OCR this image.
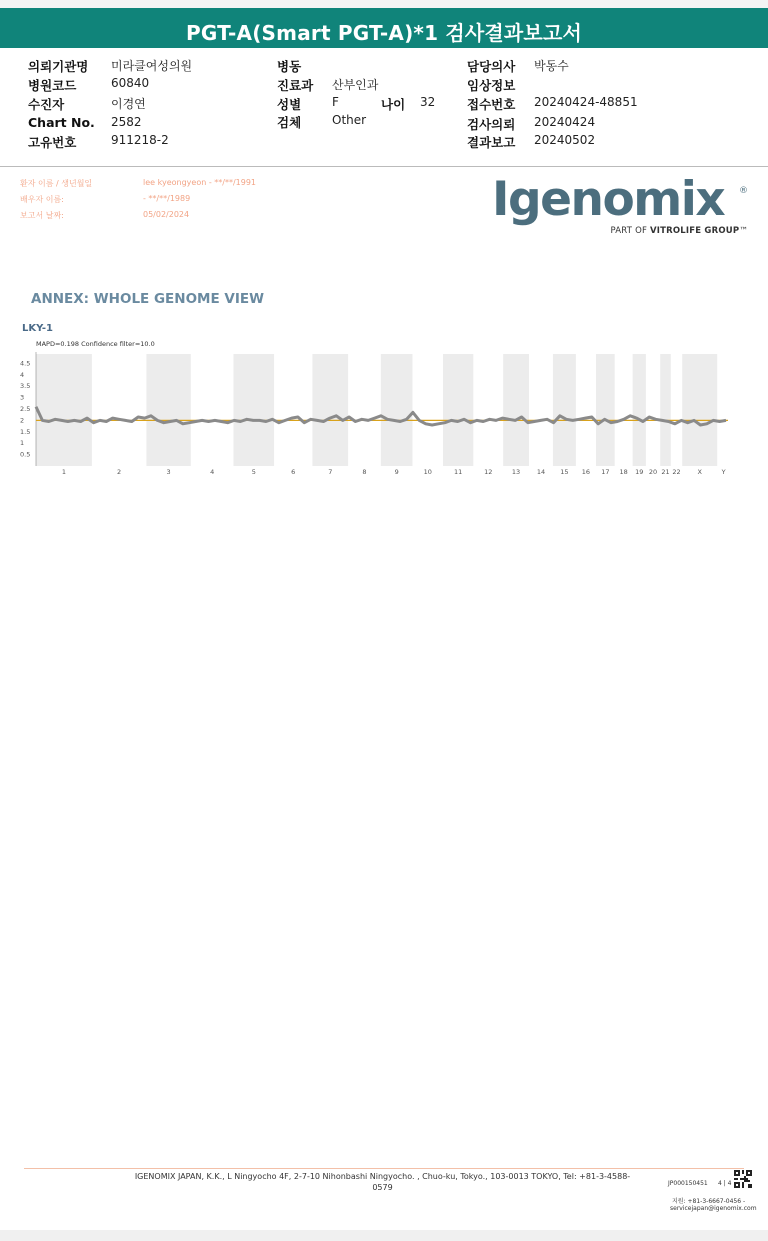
PGT-A(Smart PGT-A)*1 검사결과보고서
의뢰기관명 미라클여성의원
병원코드	60840
수진자	이경연
Chart No. 2582
고유번호	911218-2
병동
진료과 산부인과
성별	F	나이 32
검체	Other
담당의사 박동수
임상정보
접수번호 20240424-48851
검사의뢰 20240424
결과보고 20240502
환자 이름 / 생년월일	lee kyeongyeon - **/**/1991
배우자 이름:	- **/**/1989
보고서 날짜:	05/02/2024	Igenomix ®
PART OF VITROLIFE GROUP™
ANNEX: WHOLE GENOME VIEW
LKY-1
MAPD=0.198 Confidence filter=10.0
4.5
4
3.5
3
2.5
2
1.5
1
0.5
1	2	3	4	5	6	7	8	9	10	11	12	13	14 15 16 17 18 19 20 21 22	X	Y
IGENOMIX JAPAN, K.K., L Ningyocho 4F, 2-7-10 Nihonbashi Ningyocho. , Chuo-ku, Tokyo., 103-0013 TOKYO, Tel: +81-3-4588-0579	JP000150451 4 | 4
지원: +81-3-6667-0456 -
servicejapan@igenomix.com
